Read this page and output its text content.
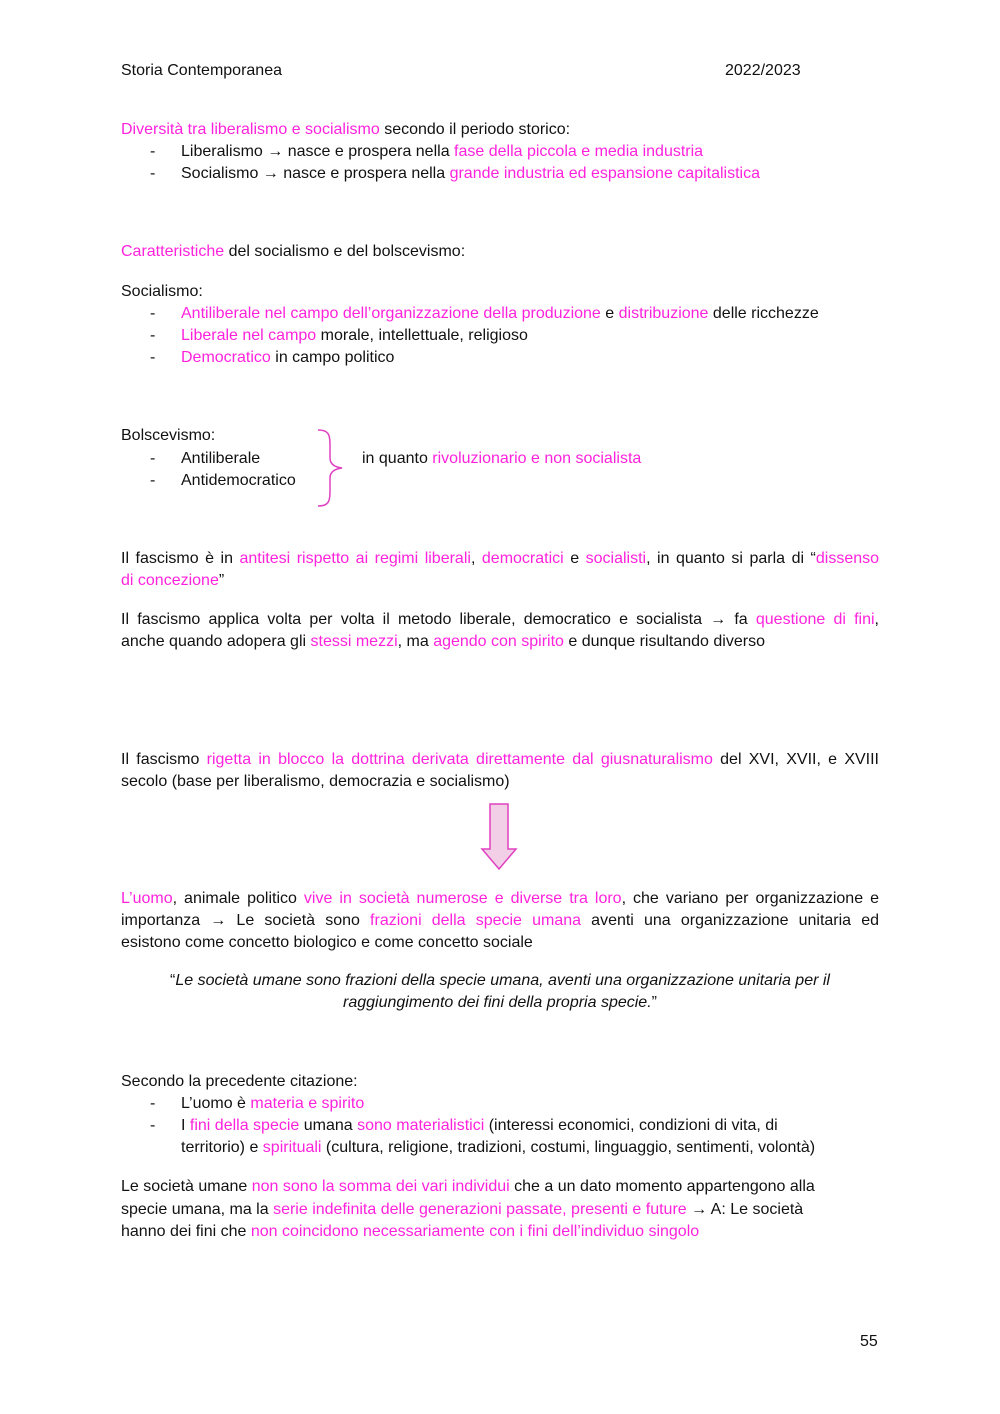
Storia Contemporanea	2022/2023
Diversità tra liberalismo e socialismo secondo il periodo storico:
- Liberalismo → nasce e prospera nella fase della piccola e media industria
- Socialismo → nasce e prospera nella grande industria ed espansione capitalistica
Caratteristiche del socialismo e del bolscevismo:
Socialismo:
- Antiliberale nel campo dell’organizzazione della produzione e distribuzione delle ricchezze
- Liberale nel campo morale, intellettuale, religioso
- Democratico in campo politico
Bolscevismo:
- Antiliberale
- Antidemocratico
in quanto rivoluzionario e non socialista
Il fascismo è in antitesi rispetto ai regimi liberali, democratici e socialisti, in quanto si parla di “dissenso
di concezione”
Il fascismo applica volta per volta il metodo liberale, democratico e socialista → fa questione di fini,
anche quando adopera gli stessi mezzi, ma agendo con spirito e dunque risultando diverso
Il fascismo rigetta in blocco la dottrina derivata direttamente dal giusnaturalismo del XVI, XVII, e XVIII
secolo (base per liberalismo, democrazia e socialismo)
L’uomo, animale politico vive in società numerose e diverse tra loro, che variano per organizzazione e
importanza → Le società sono frazioni della specie umana aventi una organizzazione unitaria ed
esistono come concetto biologico e come concetto sociale
“Le società umane sono frazioni della specie umana, aventi una organizzazione unitaria per il
raggiungimento dei fini della propria specie.”
Secondo la precedente citazione:
- L’uomo è materia e spirito
- I fini della specie umana sono materialistici (interessi economici, condizioni di vita, di
territorio) e spirituali (cultura, religione, tradizioni, costumi, linguaggio, sentimenti, volontà)
Le società umane non sono la somma dei vari individui che a un dato momento appartengono alla
specie umana, ma la serie indefinita delle generazioni passate, presenti e future → A: Le società
hanno dei fini che non coincidono necessariamente con i fini dell’individuo singolo
55
